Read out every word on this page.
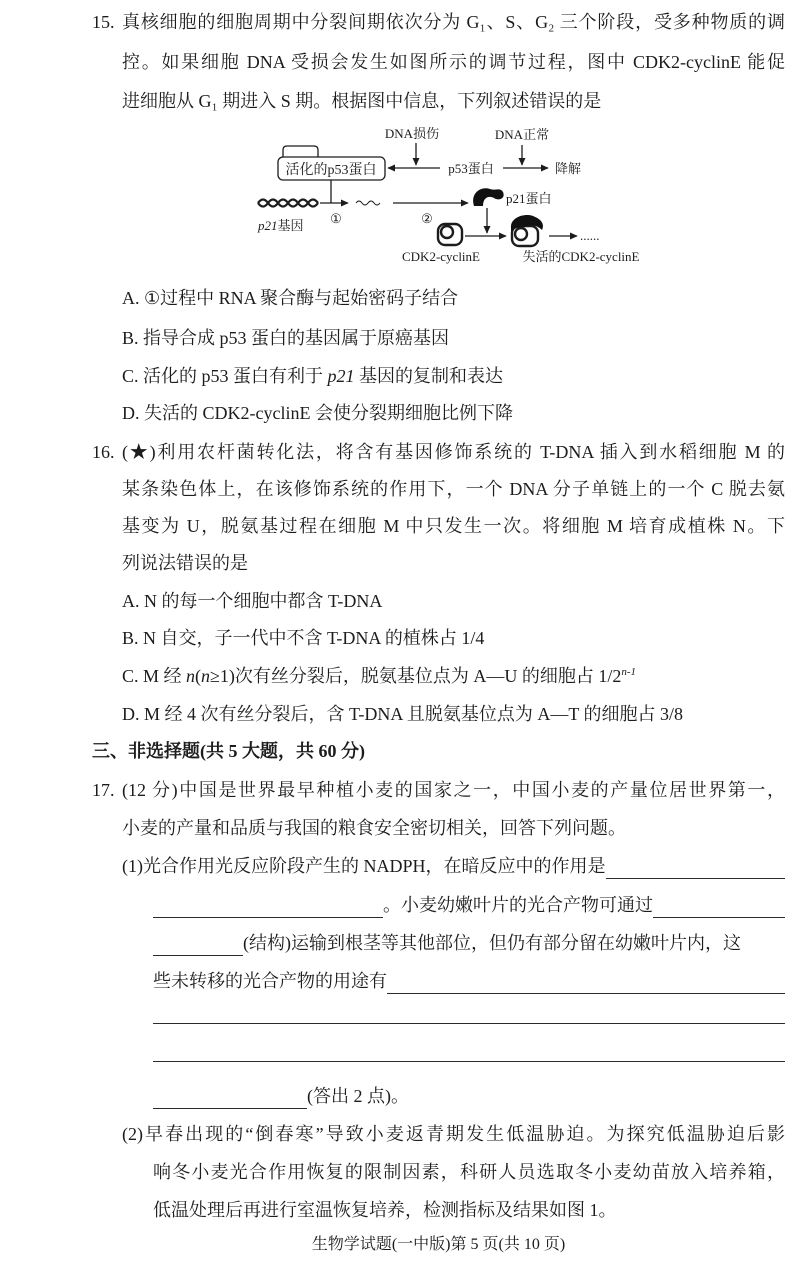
15. 真核细胞的细胞周期中分裂间期依次分为 G₁、S、G₂ 三个阶段，受多种物质的调
控。如果细胞 DNA 受损会发生如图所示的调节过程，图中 CDK2-cyclinE 能促
进细胞从 G₁ 期进入 S 期。根据图中信息，下列叙述错误的是
DNA损伤	DNA正常
活化的p53蛋白	p53蛋白	降解
p21基因 ①	②
p21蛋白
......
CDK2-cyclinE	失活的CDK2-cyclinE
A. ①过程中 RNA 聚合酶与起始密码子结合
B. 指导合成 p53 蛋白的基因属于原癌基因
C. 活化的 p53 蛋白有利于 p21 基因的复制和表达
D. 失活的 CDK2-cyclinE 会使分裂期细胞比例下降
16. (★)利用农杆菌转化法，将含有基因修饰系统的 T-DNA 插入到水稻细胞 M 的
某条染色体上，在该修饰系统的作用下，一个 DNA 分子单链上的一个 C 脱去氨
基变为 U，脱氨基过程在细胞 M 中只发生一次。将细胞 M 培育成植株 N。下
列说法错误的是
A. N 的每一个细胞中都含 T-DNA
B. N 自交，子一代中不含 T-DNA 的植株占 1/4
C. M 经 n(n≥1)次有丝分裂后，脱氨基位点为 A—U 的细胞占 1/2$^{n-1}$
D. M 经 4 次有丝分裂后，含 T-DNA 且脱氨基位点为 A—T 的细胞占 3/8
三、非选择题(共 5 大题，共 60 分)
17. (12 分)中国是世界最早种植小麦的国家之一，中国小麦的产量位居世界第一，
小麦的产量和品质与我国的粮食安全密切相关，回答下列问题。
(1)光合作用光反应阶段产生的 NADPH，在暗反应中的作用是
。小麦幼嫩叶片的光合产物可通过
(结构)运输到根茎等其他部位，但仍有部分留在幼嫩叶片内，这
些未转移的光合产物的用途有
(答出 2 点)。
(2)早春出现的“倒春寒”导致小麦返青期发生低温胁迫。为探究低温胁迫后影
响冬小麦光合作用恢复的限制因素，科研人员选取冬小麦幼苗放入培养箱，
低温处理后再进行室温恢复培养，检测指标及结果如图 1。
生物学试题(一中版)第 5 页(共 10 页)
